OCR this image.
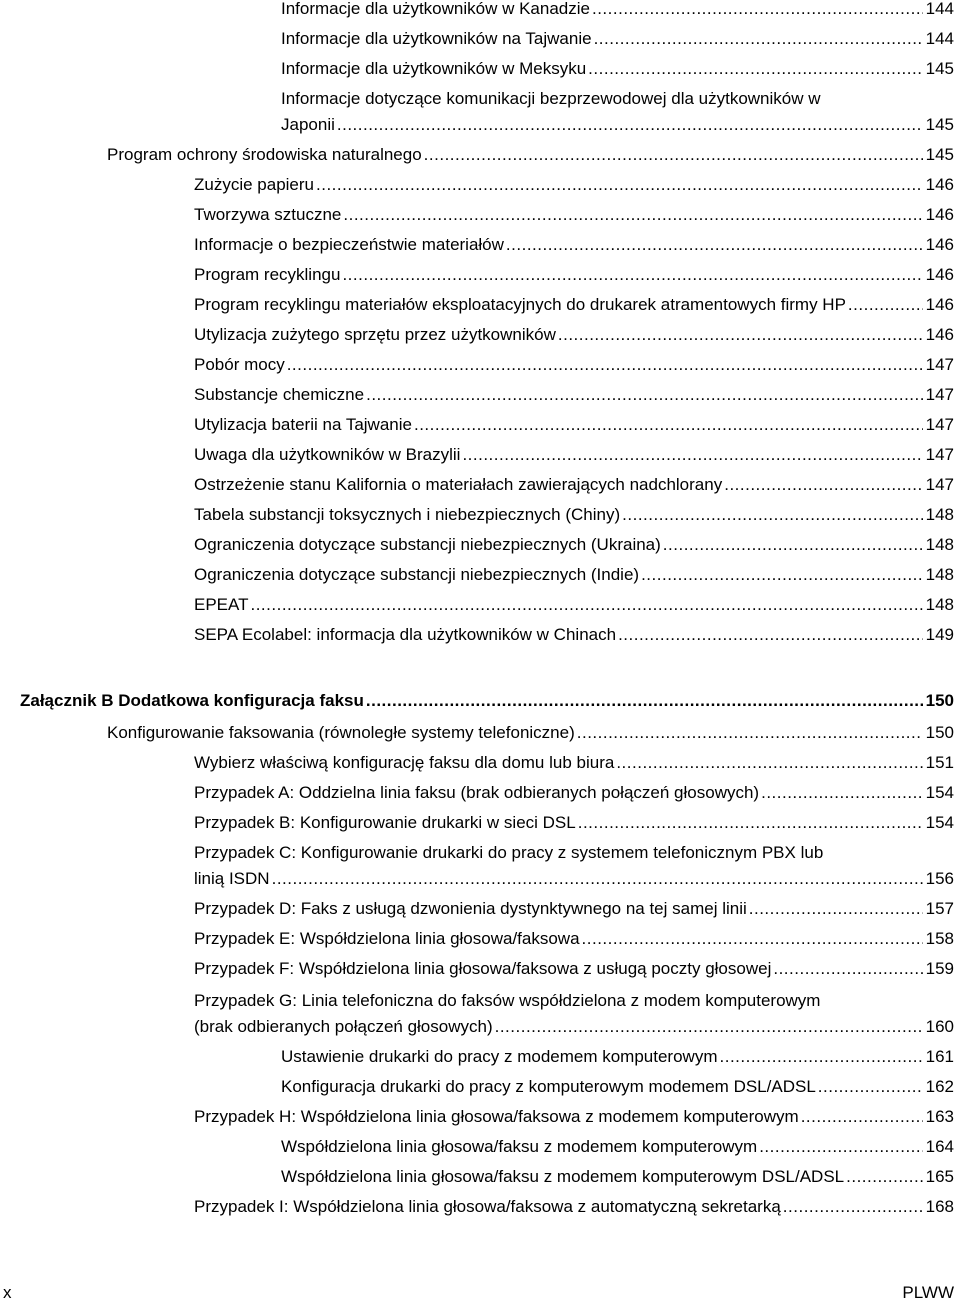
Informacje dla użytkowników w Kanadzie .....	144
Informacje dla użytkowników na Tajwanie .....	144
Informacje dla użytkowników w Meksyku .....	145
Informacje dotyczące komunikacji bezprzewodowej dla użytkowników w
Japonii .....	145
Program ochrony środowiska naturalnego .....	145
Zużycie papieru .....	146
Tworzywa sztuczne .....	146
Informacje o bezpieczeństwie materiałów .....	146
Program recyklingu .....	146
Program recyklingu materiałów eksploatacyjnych do drukarek atramentowych firmy HP .....	146
Utylizacja zużytego sprzętu przez użytkowników .....	146
Pobór mocy .....	147
Substancje chemiczne .....	147
Utylizacja baterii na Tajwanie .....	147
Uwaga dla użytkowników w Brazylii .....	147
Ostrzeżenie stanu Kalifornia o materiałach zawierających nadchlorany .....	147
Tabela substancji toksycznych i niebezpiecznych (Chiny) .....	148
Ograniczenia dotyczące substancji niebezpiecznych (Ukraina) .....	148
Ograniczenia dotyczące substancji niebezpiecznych (Indie) .....	148
EPEAT .....	148
SEPA Ecolabel: informacja dla użytkowników w Chinach .....	149
Załącznik B Dodatkowa konfiguracja faksu .....	150
Konfigurowanie faksowania (równoległe systemy telefoniczne) .....	150
Wybierz właściwą konfigurację faksu dla domu lub biura .....	151
Przypadek A: Oddzielna linia faksu (brak odbieranych połączeń głosowych) .....	154
Przypadek B: Konfigurowanie drukarki w sieci DSL .....	154
Przypadek C: Konfigurowanie drukarki do pracy z systemem telefonicznym PBX lub
linią ISDN .....	156
Przypadek D: Faks z usługą dzwonienia dystynktywnego na tej samej linii .....	157
Przypadek E: Współdzielona linia głosowa/faksowa .....	158
Przypadek F: Współdzielona linia głosowa/faksowa z usługą poczty głosowej .....	159
Przypadek G: Linia telefoniczna do faksów współdzielona z modem komputerowym
(brak odbieranych połączeń głosowych) .....	160
Ustawienie drukarki do pracy z modemem komputerowym .....	161
Konfiguracja drukarki do pracy z komputerowym modemem DSL/ADSL .....	162
Przypadek H: Współdzielona linia głosowa/faksowa z modemem komputerowym .....	163
Współdzielona linia głosowa/faksu z modemem komputerowym .....	164
Współdzielona linia głosowa/faksu z modemem komputerowym DSL/ADSL .....	165
Przypadek I: Współdzielona linia głosowa/faksowa z automatyczną sekretarką .....	168
x	PLWW
